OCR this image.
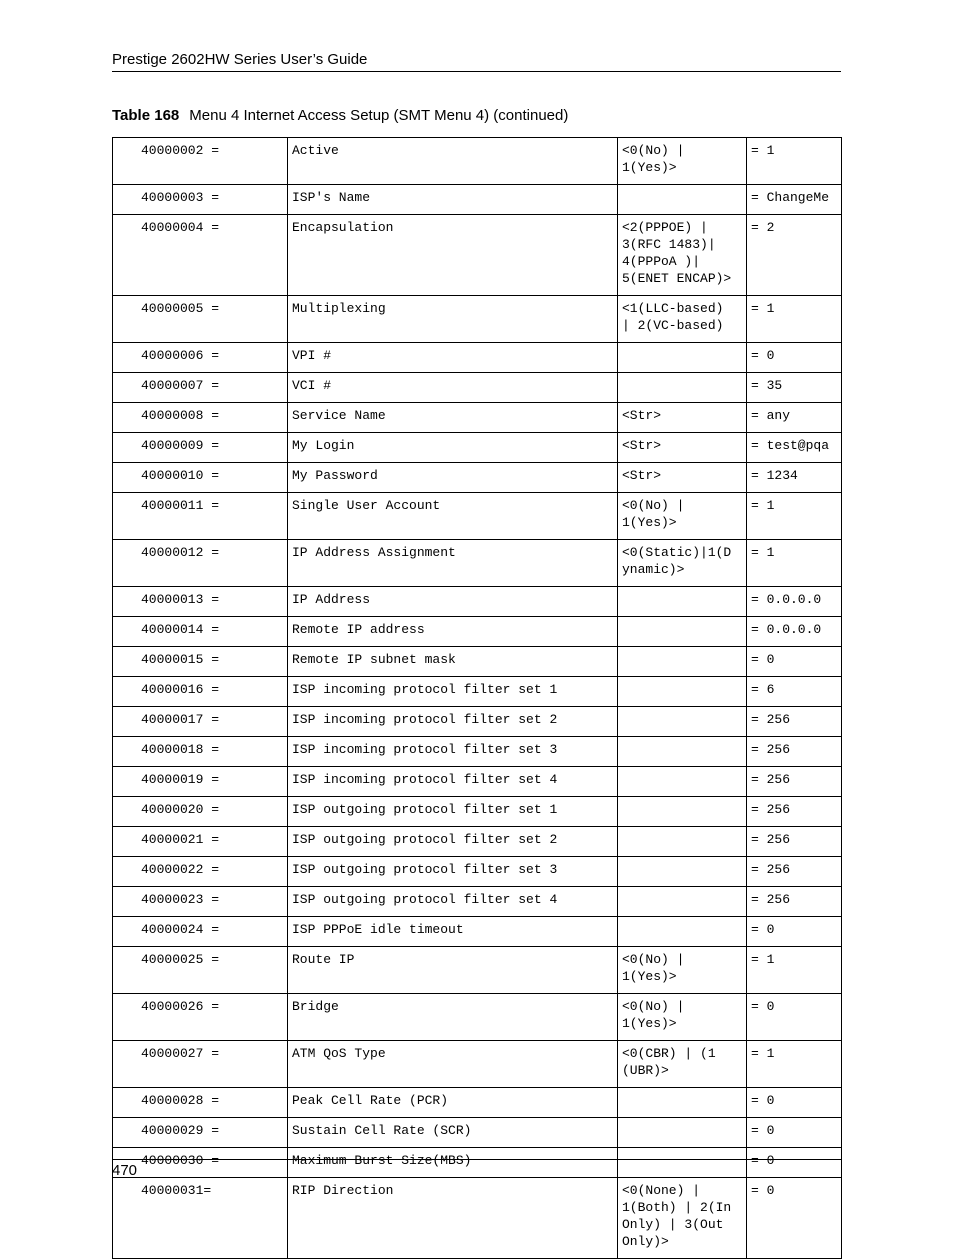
Prestige 2602HW Series User’s Guide
Table 168 Menu 4 Internet Access Setup (SMT Menu 4) (continued)
40000002 =	Active	<0(No) |
1(Yes)>	= 1
40000003 =	ISP's Name		= ChangeMe
40000004 =	Encapsulation	<2(PPPOE) |
3(RFC 1483)|
4(PPPoA )|
5(ENET ENCAP)>	= 2
40000005 =	Multiplexing	<1(LLC-based)
| 2(VC-based)	= 1
40000006 =	VPI #		= 0
40000007 =	VCI #		= 35
40000008 =	Service Name	<Str>	= any
40000009 =	My Login	<Str>	= test@pqa
40000010 =	My Password	<Str>	= 1234
40000011 =	Single User Account	<0(No) |
1(Yes)>	= 1
40000012 =	IP Address Assignment	<0(Static)|1(D
ynamic)>	= 1
40000013 =	IP Address		= 0.0.0.0
40000014 =	Remote IP address		= 0.0.0.0
40000015 =	Remote IP subnet mask		= 0
40000016 =	ISP incoming protocol filter set 1		= 6
40000017 =	ISP incoming protocol filter set 2		= 256
40000018 =	ISP incoming protocol filter set 3		= 256
40000019 =	ISP incoming protocol filter set 4		= 256
40000020 =	ISP outgoing protocol filter set 1		= 256
40000021 =	ISP outgoing protocol filter set 2		= 256
40000022 =	ISP outgoing protocol filter set 3		= 256
40000023 =	ISP outgoing protocol filter set 4		= 256
40000024 =	ISP PPPoE idle timeout		= 0
40000025 =	Route IP	<0(No) |
1(Yes)>	= 1
40000026 =	Bridge	<0(No) |
1(Yes)>	= 0
40000027 =	ATM QoS Type	<0(CBR) | (1
(UBR)>	= 1
40000028 =	Peak Cell Rate (PCR)		= 0
40000029 =	Sustain Cell Rate (SCR)		= 0
40000030 =	Maximum Burst Size(MBS)		= 0
40000031=	RIP Direction	<0(None) |
1(Both) | 2(In
Only) | 3(Out
Only)>	= 0
470
